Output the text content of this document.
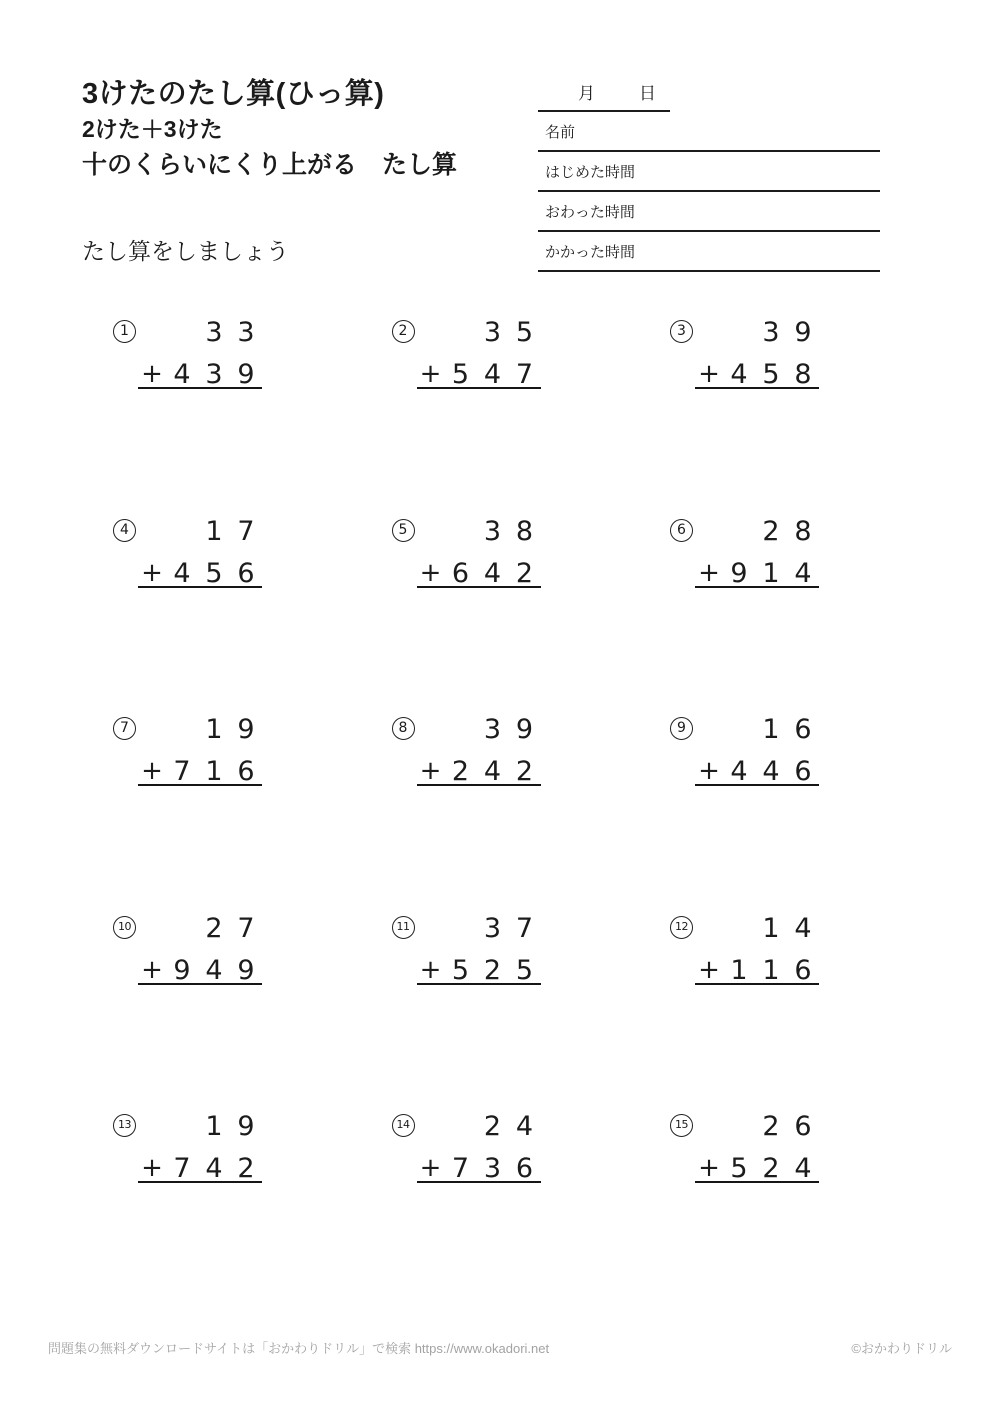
3けたのたし算(ひっ算)
2けた＋3けた
十のくらいにくり上がる　たし算
たし算をしましょう
月	日
名前
はじめた時間
おわった時間
かかった時間
1	3 3
+ 4 3 9
2	3 5
+ 5 4 7
3	3 9
+ 4 5 8
4	1 7
+ 4 5 6
5	3 8
+ 6 4 2
6	2 8
+ 9 1 4
7	1 9
+ 7 1 6
8	3 9
+ 2 4 2
9	1 6
+ 4 4 6
10	2 7
+ 9 4 9
11	3 7
+ 5 2 5
12	1 4
+ 1 1 6
13	1 9
+ 7 4 2
14	2 4
+ 7 3 6
15	2 6
+ 5 2 4
問題集の無料ダウンロードサイトは「おかわりドリル」で検索 https://www.okadori.net	©おかわりドリル
